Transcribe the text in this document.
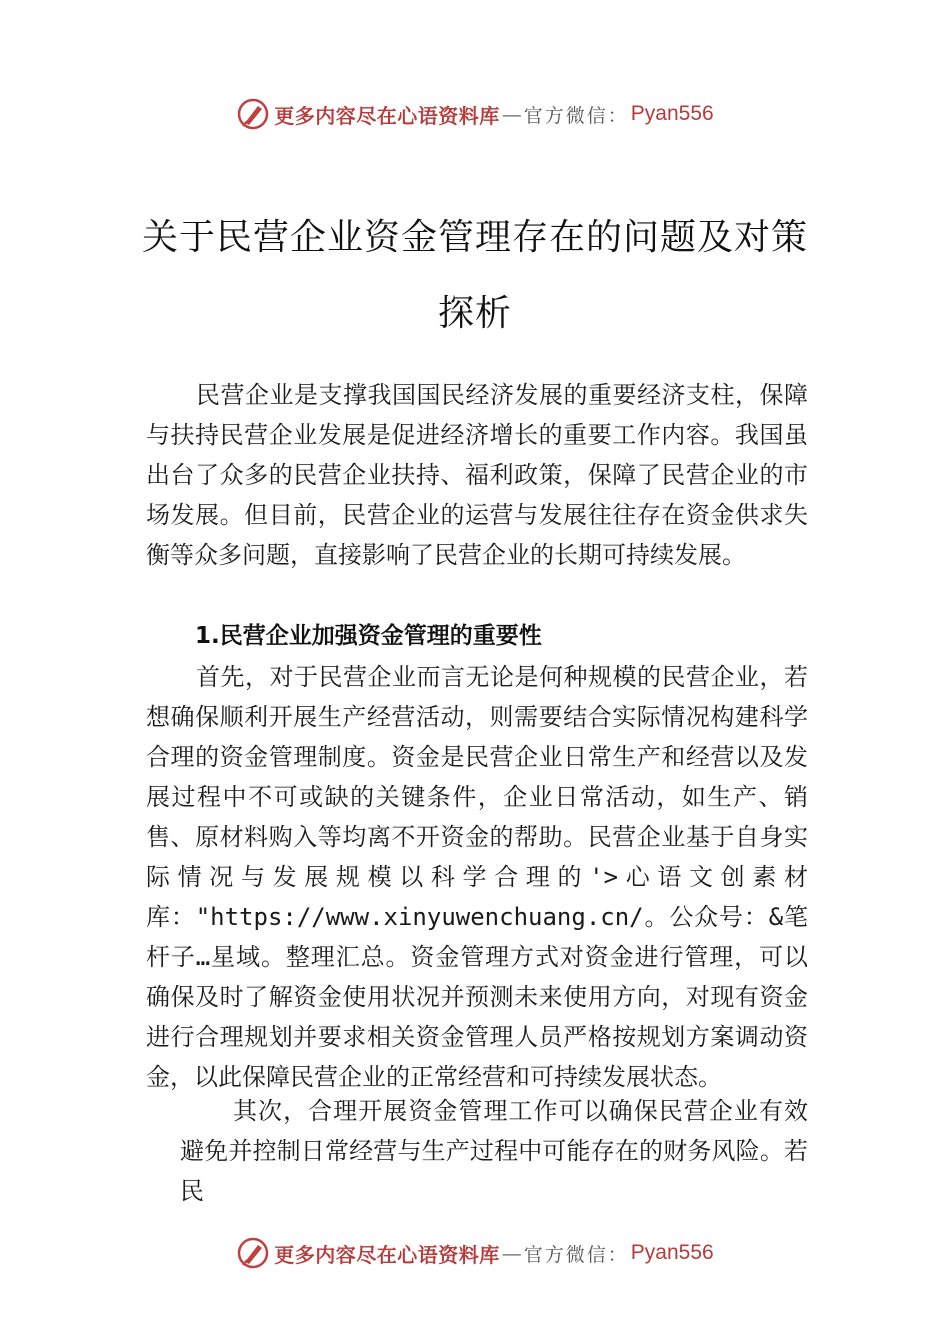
更多内容尽在心语资料库 — 官方微信： Pyan556
关于民营企业资金管理存在的问题及对策探析
民营企业是支撑我国国民经济发展的重要经济支柱，保障与扶持民营企业发展是促进经济增长的重要工作内容。我国虽出台了众多的民营企业扶持、福利政策，保障了民营企业的市场发展。但目前，民营企业的运营与发展往往存在资金供求失衡等众多问题，直接影响了民营企业的长期可持续发展。
1.民营企业加强资金管理的重要性
首先，对于民营企业而言无论是何种规模的民营企业，若想确保顺利开展生产经营活动，则需要结合实际情况构建科学合理的资金管理制度。资金是民营企业日常生产和经营以及发展过程中不可或缺的关键条件，企业日常活动，如生产、销售、原材料购入等均离不开资金的帮助。民营企业基于自身实际情况与发展规模以科学合理的'>心语文创素材库："https://www.xinyuwenchuang.cn/。公众号：&笔杆子…星域。整理汇总。资金管理方式对资金进行管理，可以确保及时了解资金使用状况并预测未来使用方向，对现有资金进行合理规划并要求相关资金管理人员严格按规划方案调动资金，以此保障民营企业的正常经营和可持续发展状态。
其次，合理开展资金管理工作可以确保民营企业有效避免并控制日常经营与生产过程中可能存在的财务风险。若民
更多内容尽在心语资料库 — 官方微信： Pyan556
